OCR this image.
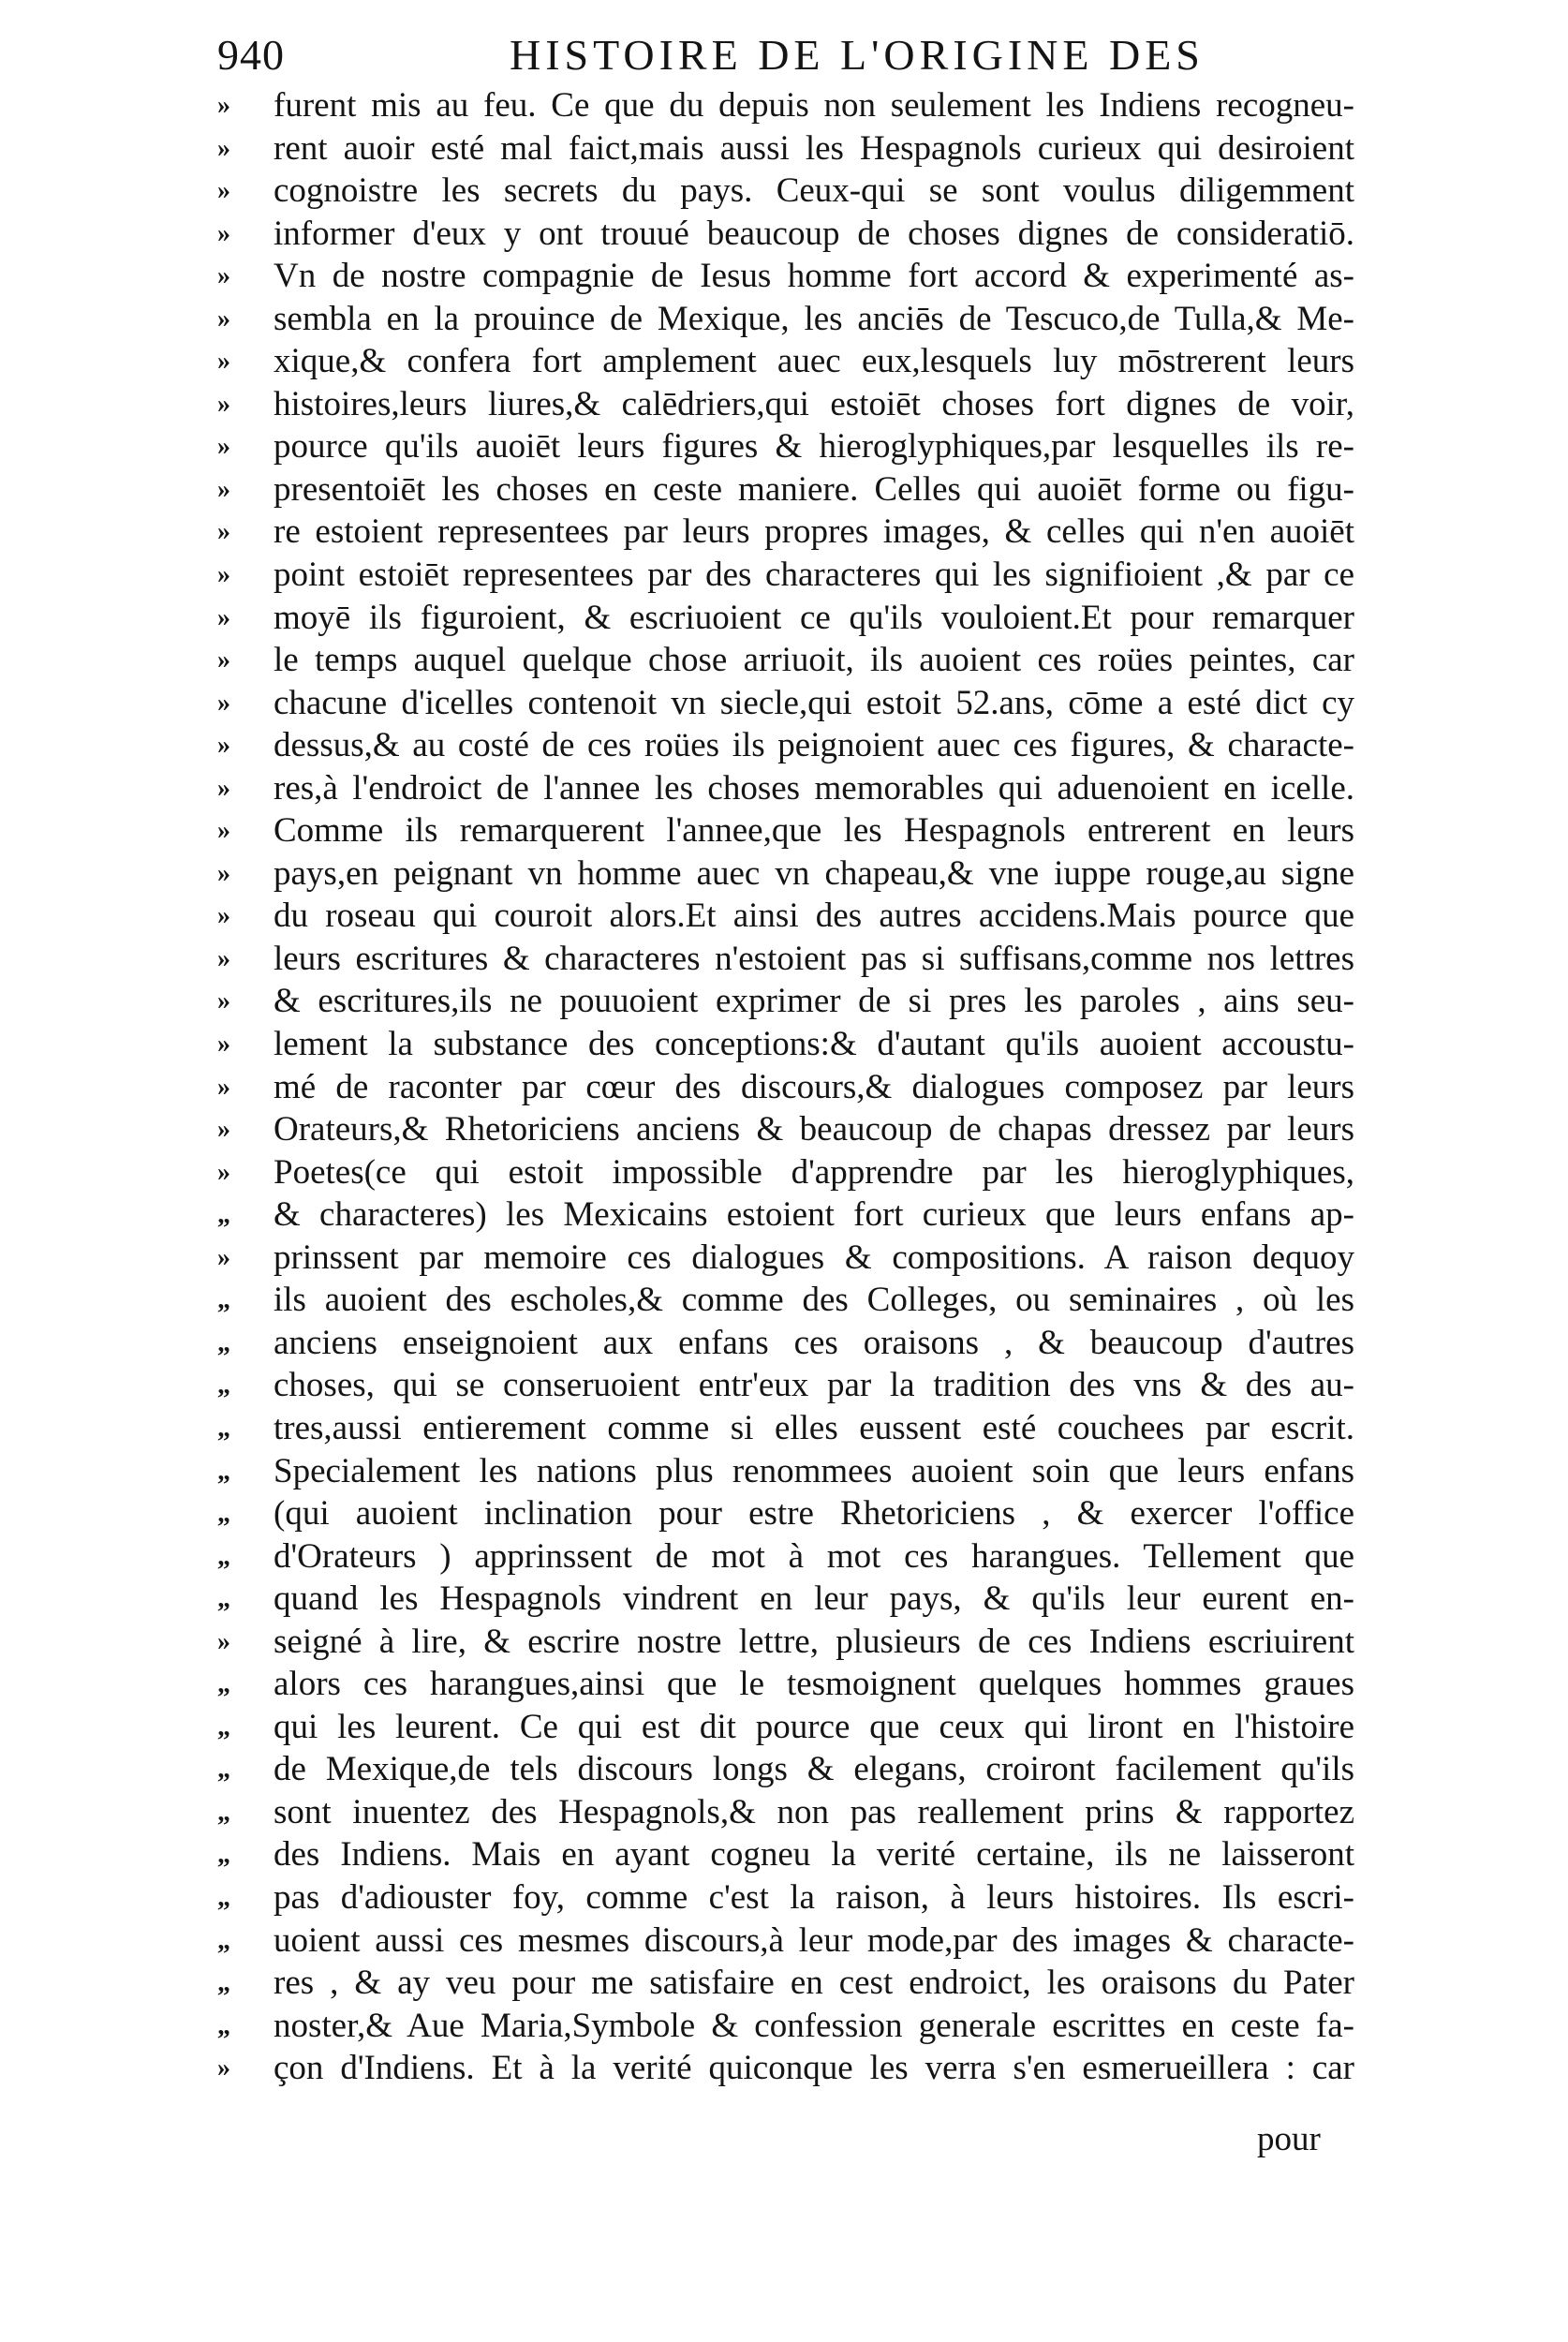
940	HISTOIRE DE L'ORIGINE DES
»	furent mis au feu. Ce que du depuis non seulement les Indiens recogneu-
»	rent auoir esté mal faict,mais aussi les Hespagnols curieux qui desiroient
»	cognoistre les secrets du pays. Ceux-qui se sont voulus diligemment
»	informer d'eux y ont trouué beaucoup de choses dignes de consideratiō.
»	Vn de nostre compagnie de Iesus homme fort accord & experimenté as-
»	sembla en la prouince de Mexique, les anciēs de Tescuco,de Tulla,& Me-
»	xique,& confera fort amplement auec eux,lesquels luy mōstrerent leurs
»	histoires,leurs liures,& calēdriers,qui estoiēt choses fort dignes de voir,
»	pource qu'ils auoiēt leurs figures & hieroglyphiques,par lesquelles ils re-
»	presentoiēt les choses en ceste maniere. Celles qui auoiēt forme ou figu-
»	re estoient representees par leurs propres images, & celles qui n'en auoiēt
»	point estoiēt representees par des characteres qui les signifioient ,& par ce
»	moyē ils figuroient, & escriuoient ce qu'ils vouloient.Et pour remarquer
»	le temps auquel quelque chose arriuoit, ils auoient ces roües peintes, car
»	chacune d'icelles contenoit vn siecle,qui estoit 52.ans, cōme a esté dict cy
»	dessus,& au costé de ces roües ils peignoient auec ces figures, & characte-
»	res,à l'endroict de l'annee les choses memorables qui aduenoient en icelle.
»	Comme ils remarquerent l'annee,que les Hespagnols entrerent en leurs
»	pays,en peignant vn homme auec vn chapeau,& vne iuppe rouge,au signe
»	du roseau qui couroit alors.Et ainsi des autres accidens.Mais pource que
»	leurs escritures & characteres n'estoient pas si suffisans,comme nos lettres
»	& escritures,ils ne pouuoient exprimer de si pres les paroles , ains seu-
»	lement la substance des conceptions:& d'autant qu'ils auoient accoustu-
»	mé de raconter par cœur des discours,& dialogues composez par leurs
»	Orateurs,& Rhetoriciens anciens & beaucoup de chapas dressez par leurs
»	Poetes(ce qui estoit impossible d'apprendre par les hieroglyphiques,
„	& characteres) les Mexicains estoient fort curieux que leurs enfans ap-
»	prinssent par memoire ces dialogues & compositions. A raison dequoy
„	ils auoient des escholes,& comme des Colleges, ou seminaires , où les
„	anciens enseignoient aux enfans ces oraisons , & beaucoup d'autres
„	choses, qui se conseruoient entr'eux par la tradition des vns & des au-
„	tres,aussi entierement comme si elles eussent esté couchees par escrit.
„	Specialement les nations plus renommees auoient soin que leurs enfans
„	(qui auoient inclination pour estre Rhetoriciens , & exercer l'office
„	d'Orateurs ) apprinssent de mot à mot ces harangues. Tellement que
„	quand les Hespagnols vindrent en leur pays, & qu'ils leur eurent en-
»	seigné à lire, & escrire nostre lettre, plusieurs de ces Indiens escriuirent
„	alors ces harangues,ainsi que le tesmoignent quelques hommes graues
„	qui les leurent. Ce qui est dit pource que ceux qui liront en l'histoire
„	de Mexique,de tels discours longs & elegans, croiront facilement qu'ils
„	sont inuentez des Hespagnols,& non pas reallement prins & rapportez
„	des Indiens. Mais en ayant cogneu la verité certaine, ils ne laisseront
„	pas d'adiouster foy, comme c'est la raison, à leurs histoires. Ils escri-
„	uoient aussi ces mesmes discours,à leur mode,par des images & characte-
„	res , & ay veu pour me satisfaire en cest endroict, les oraisons du Pater
„	noster,& Aue Maria,Symbole & confession generale escrittes en ceste fa-
»	çon d'Indiens. Et à la verité quiconque les verra s'en esmerueillera : car
pour
